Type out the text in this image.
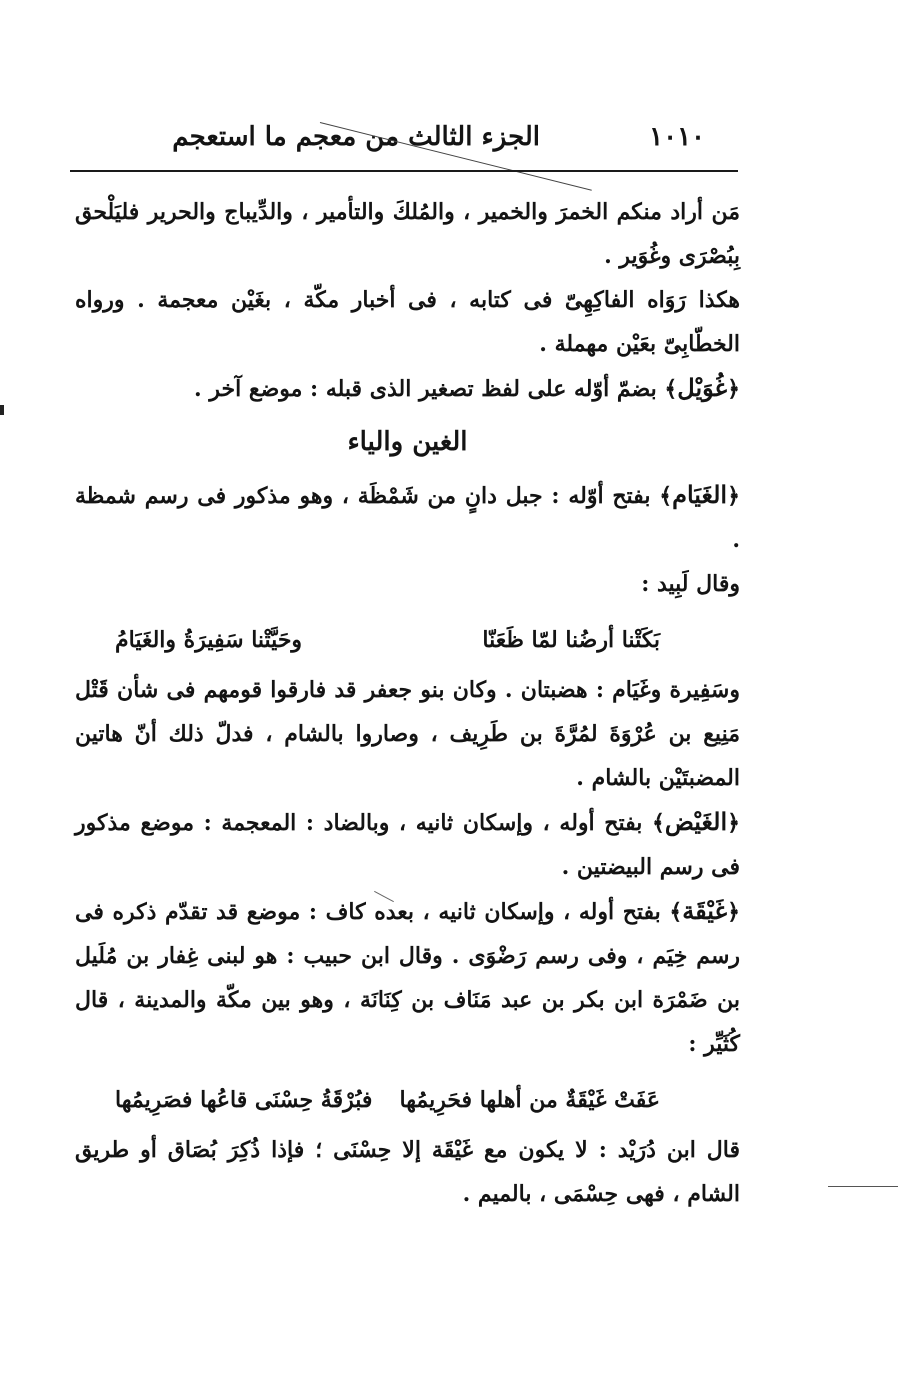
١٠١٠
الجزء الثالث من معجم ما استعجم

مَن أراد منكم الخمرَ والخمير ، والمُلكَ والتأمير ، والدِّيباج والحرير فليَلْحق بِبُصْرَى وغُوَير .

هكذا رَوَاه الفاكِهِىّ فى كتابه ، فى أخبار مكّة ، بغَيْن معجمة . ورواه الخطّابِىّ بعَيْن مهملة .

﴿غُوَيْل﴾ بضمّ أوّله على لفظ تصغير الذى قبله : موضع آخر .

الغين والياء

﴿الغَيَام﴾ بفتح أوّله : جبل دانٍ من شَمْظَة ، وهو مذكور فى رسم شمظة .

وقال لَبِيد :

بَكَتْنا أرضُنا لمّا ظَعَنّا
وحَيَّتْنا سَفِيرَةُ والغَيَامُ

وسَفِيرة وغَيَام : هضبتان . وكان بنو جعفر قد فارقوا قومهم فى شأن قَتْل مَنِيع بن عُرْوَةَ لمُرَّةَ بن طَرِيف ، وصاروا بالشام ، فدلّ ذلك أنّ هاتين المضبتَيْن بالشام .

﴿الغَيْض﴾ بفتح أوله ، وإسكان ثانيه ، وبالضاد : المعجمة : موضع مذكور فى رسم البيضتين .

﴿غَيْقَة﴾ بفتح أوله ، وإسكان ثانيه ، بعده كاف : موضع قد تقدّم ذكره فى رسم خِيَم ، وفى رسم رَضْوَى . وقال ابن حبيب : هو لبنى غِفار بن مُلَيل بن ضَمْرَة ابن بكر بن عبد مَنَاف بن كِنَانَة ، وهو بين مكّة والمدينة ، قال كُثَيِّر :

عَفَتْ غَيْقَةٌ من أهلها فحَرِيمُها
فبُرْقَةُ حِسْنَى قاعُها فصَرِيمُها

قال ابن دُرَيْد : لا يكون مع غَيْقَة إلا حِسْنَى ؛ فإذا ذُكِرَ بُصَاق أو طريق الشام ، فهى حِسْمَى ، بالميم .
